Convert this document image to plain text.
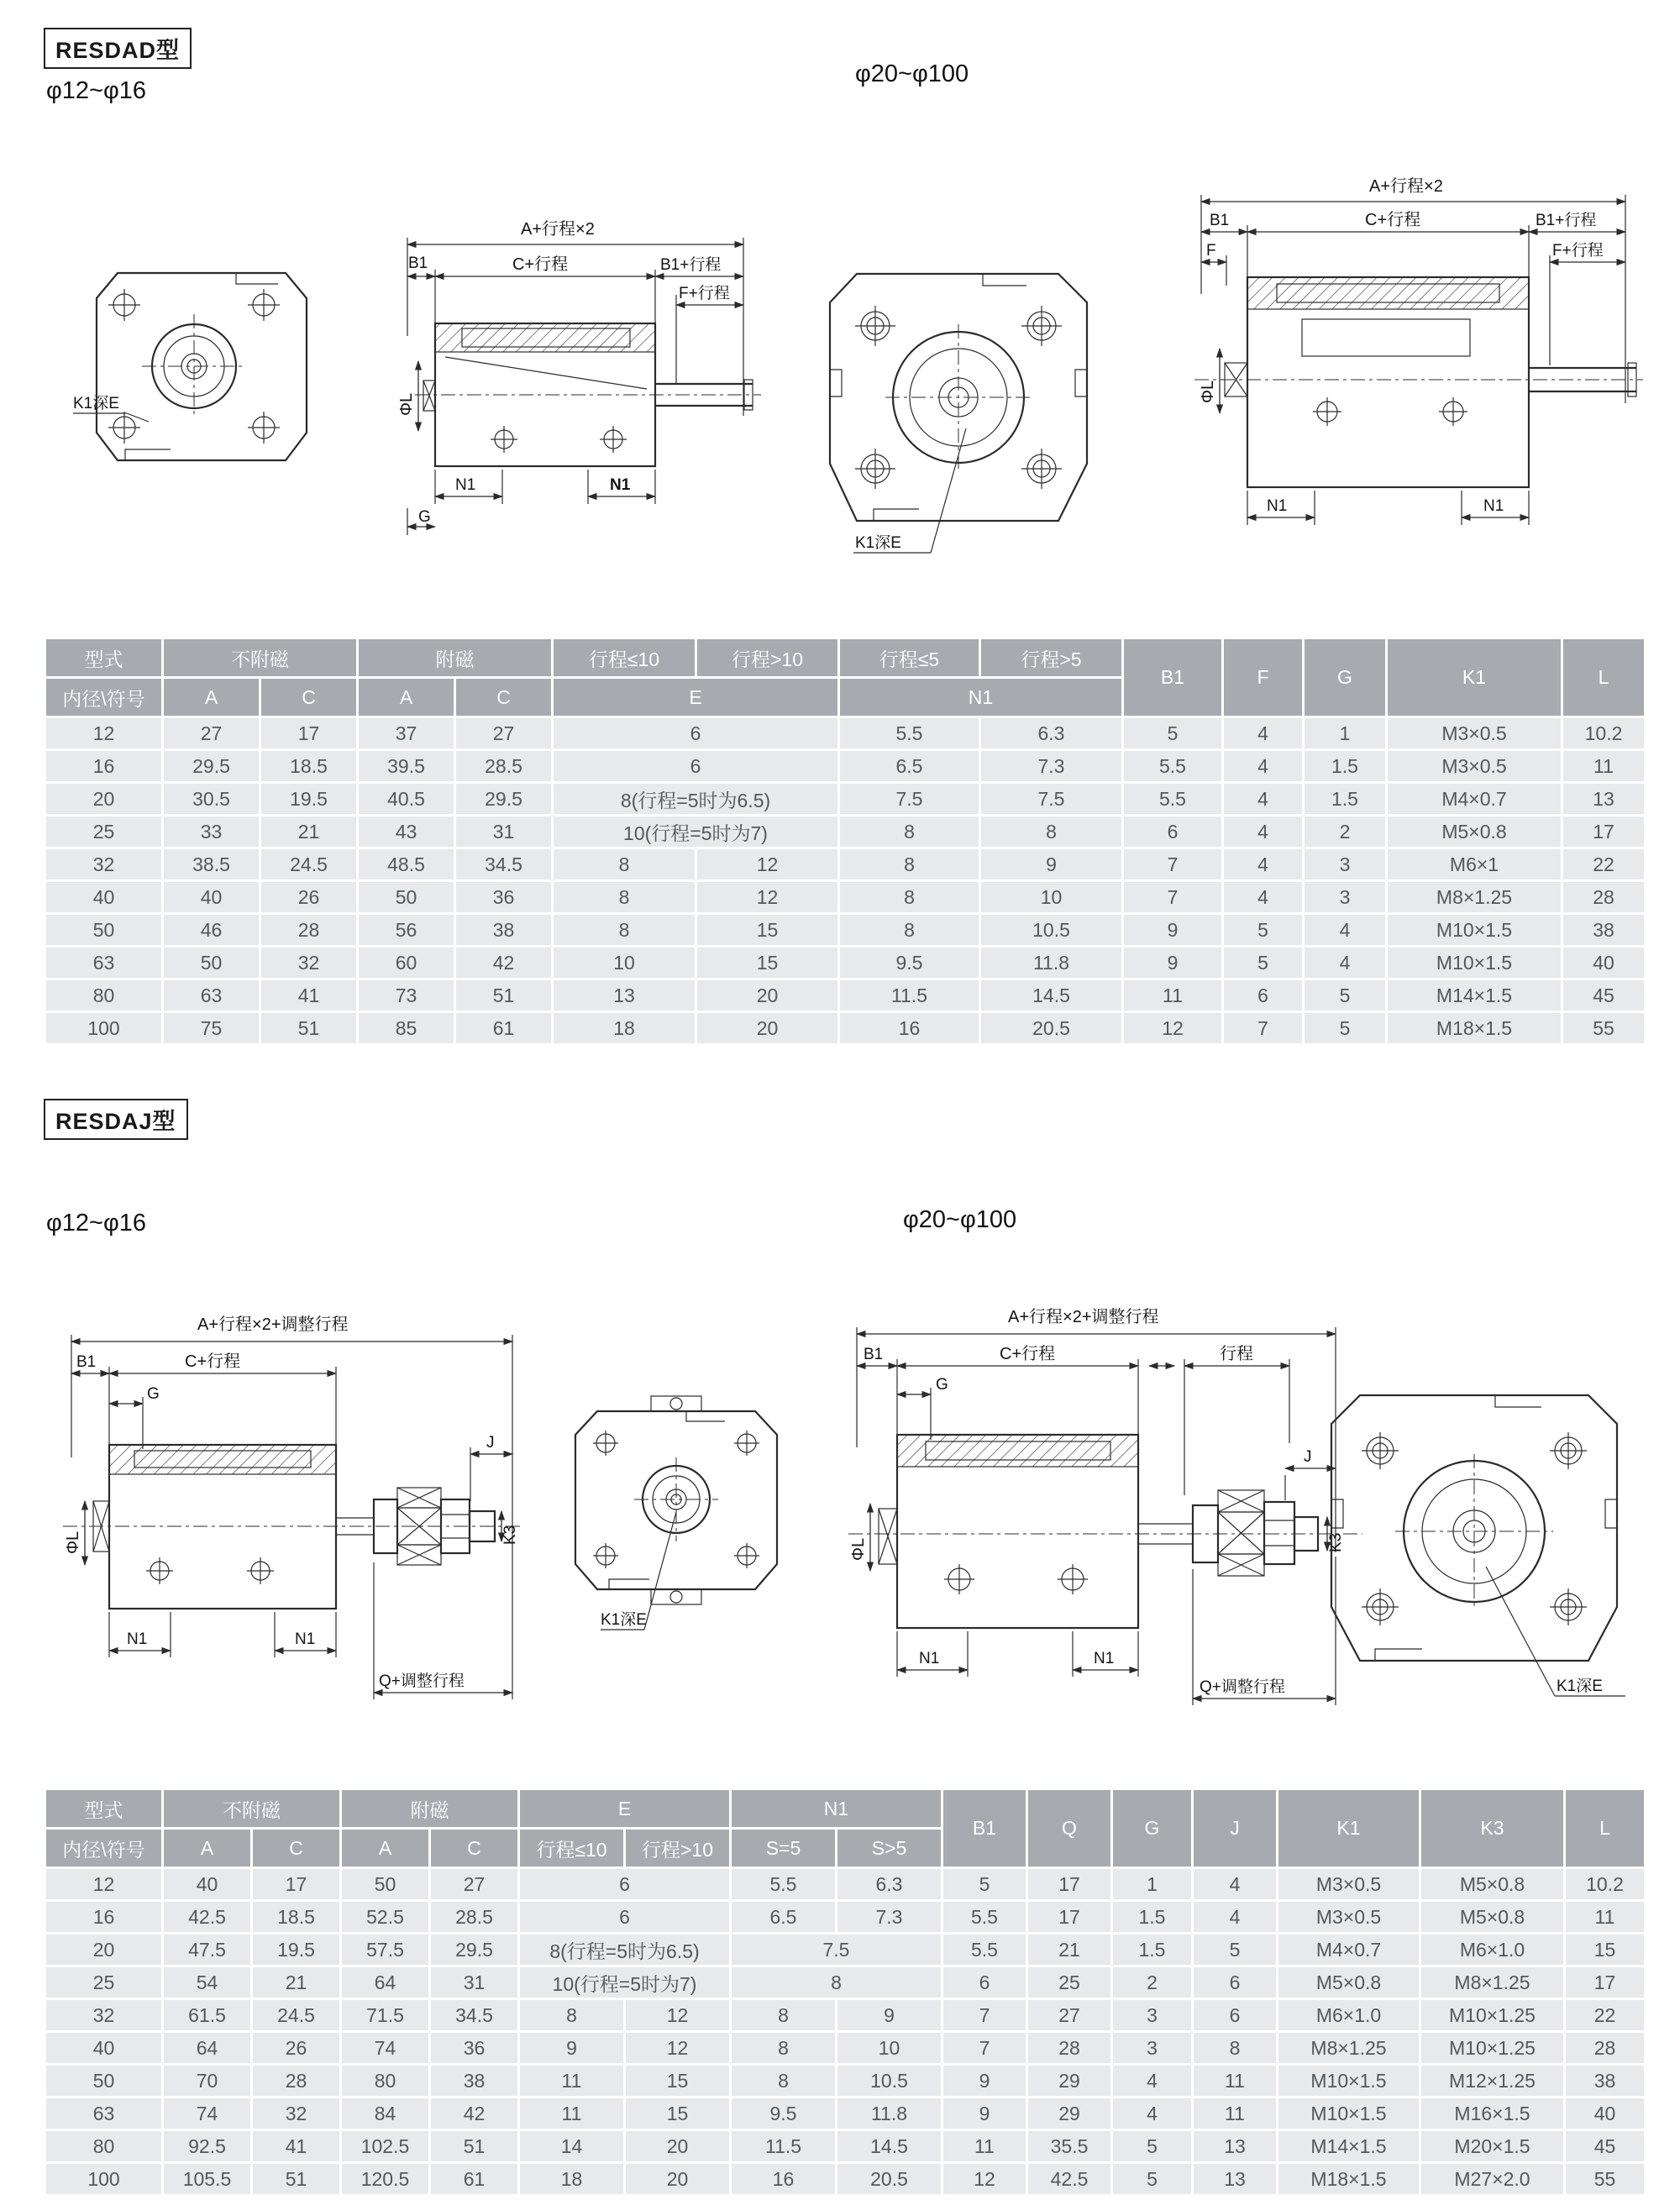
RESDAD型
φ12~φ16
φ20~φ100
K1深E
A+行程×2
B1	C+行程	B1+行程
F+行程
ΦL
N1	N1
G
K1深E
A+行程×2
B1	C+行程	B1+行程
F	F+行程
ΦL
N1	N1
型式	不附磁		附磁		行程≤10	行程>10	行程≤5	行程>5	B1	F	G	K1	L
内径\符号	A	C	A	C	E		N1						
12	27	17	37	27	6		5.5	6.3	5	4	1	M3×0.5	10.2
16	29.5	18.5	39.5	28.5	6		6.5	7.3	5.5	4	1.5	M3×0.5	11
20	30.5	19.5	40.5	29.5	8(行程=5时为6.5)		7.5	7.5	5.5	4	1.5	M4×0.7	13
25	33	21	43	31	10(行程=5时为7)		8	8	6	4	2	M5×0.8	17
32	38.5	24.5	48.5	34.5	8	12	8	9	7	4	3	M6×1	22
40	40	26	50	36	8	12	8	10	7	4	3	M8×1.25	28
50	46	28	56	38	8	15	8	10.5	9	5	4	M10×1.5	38
63	50	32	60	42	10	15	9.5	11.8	9	5	4	M10×1.5	40
80	63	41	73	51	13	20	11.5	14.5	11	6	5	M14×1.5	45
100	75	51	85	61	18	20	16	20.5	12	7	5	M18×1.5	55
RESDAJ型
φ12~φ16	φ20~φ100
A+行程×2+调整行程
B1	C+行程
G
J
ΦL	K3
Q+调整行程
N1	N1
K1深E
A+行程×2+调整行程
B1	C+行程	行程
G
ΦL
J
K3
Q+调整行程
N1	N1
K1深E
型式	不附磁		附磁		E		N1		B1	Q	G	J	K1	K3	L
内径\符号	A	C	A	C	行程≤10	行程>10	S=5	S>5							
12	40	17	50	27	6		5.5	6.3	5	17	1	4	M3×0.5	M5×0.8	10.2
16	42.5	18.5	52.5	28.5	6		6.5	7.3	5.5	17	1.5	4	M3×0.5	M5×0.8	11
20	47.5	19.5	57.5	29.5	8(行程=5时为6.5)		7.5		5.5	21	1.5	5	M4×0.7	M6×1.0	15
25	54	21	64	31	10(行程=5时为7)		8		6	25	2	6	M5×0.8	M8×1.25	17
32	61.5	24.5	71.5	34.5	8	12	8	9	7	27	3	6	M6×1.0	M10×1.25	22
40	64	26	74	36	9	12	8	10	7	28	3	8	M8×1.25	M10×1.25	28
50	70	28	80	38	11	15	8	10.5	9	29	4	11	M10×1.5	M12×1.25	38
63	74	32	84	42	11	15	9.5	11.8	9	29	4	11	M10×1.5	M16×1.5	40
80	92.5	41	102.5	51	14	20	11.5	14.5	11	35.5	5	13	M14×1.5	M20×1.5	45
100	105.5	51	120.5	61	18	20	16	20.5	12	42.5	5	13	M18×1.5	M27×2.0	55
